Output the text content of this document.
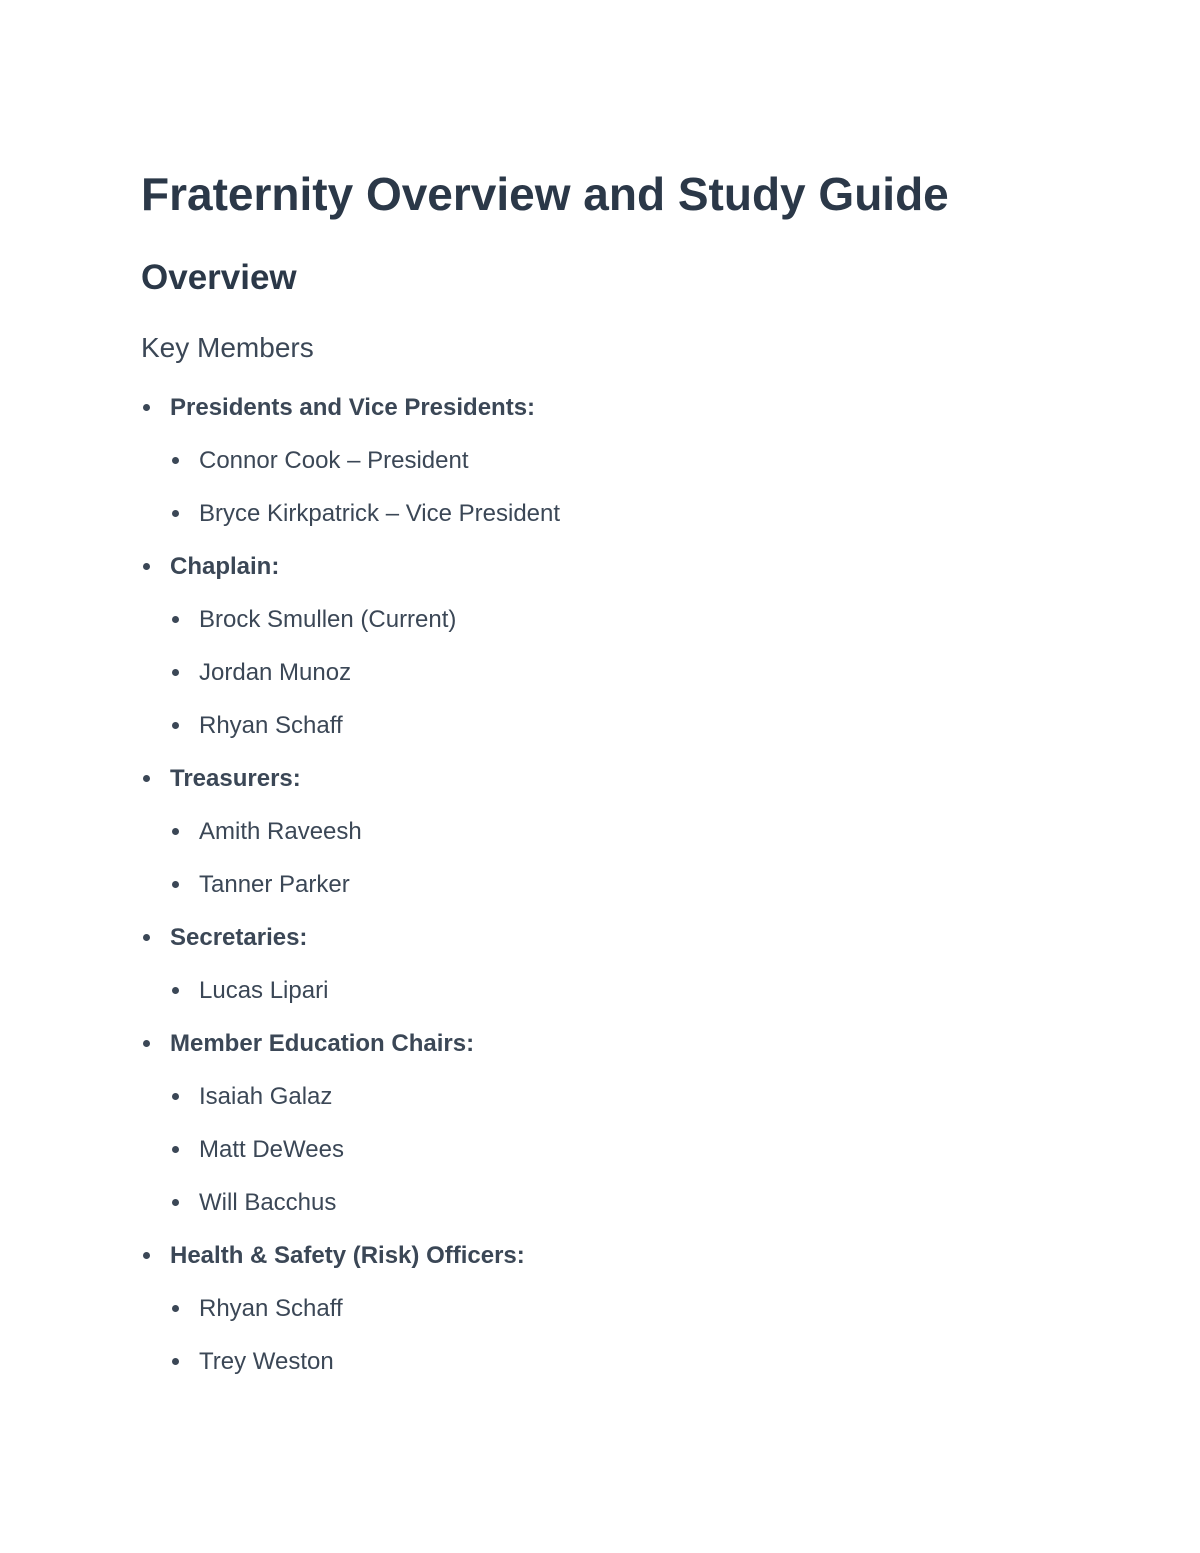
Fraternity Overview and Study Guide
Overview
Key Members
Presidents and Vice Presidents:
Connor Cook – President
Bryce Kirkpatrick – Vice President
Chaplain:
Brock Smullen (Current)
Jordan Munoz
Rhyan Schaff
Treasurers:
Amith Raveesh
Tanner Parker
Secretaries:
Lucas Lipari
Member Education Chairs:
Isaiah Galaz
Matt DeWees
Will Bacchus
Health & Safety (Risk) Officers:
Rhyan Schaff
Trey Weston
